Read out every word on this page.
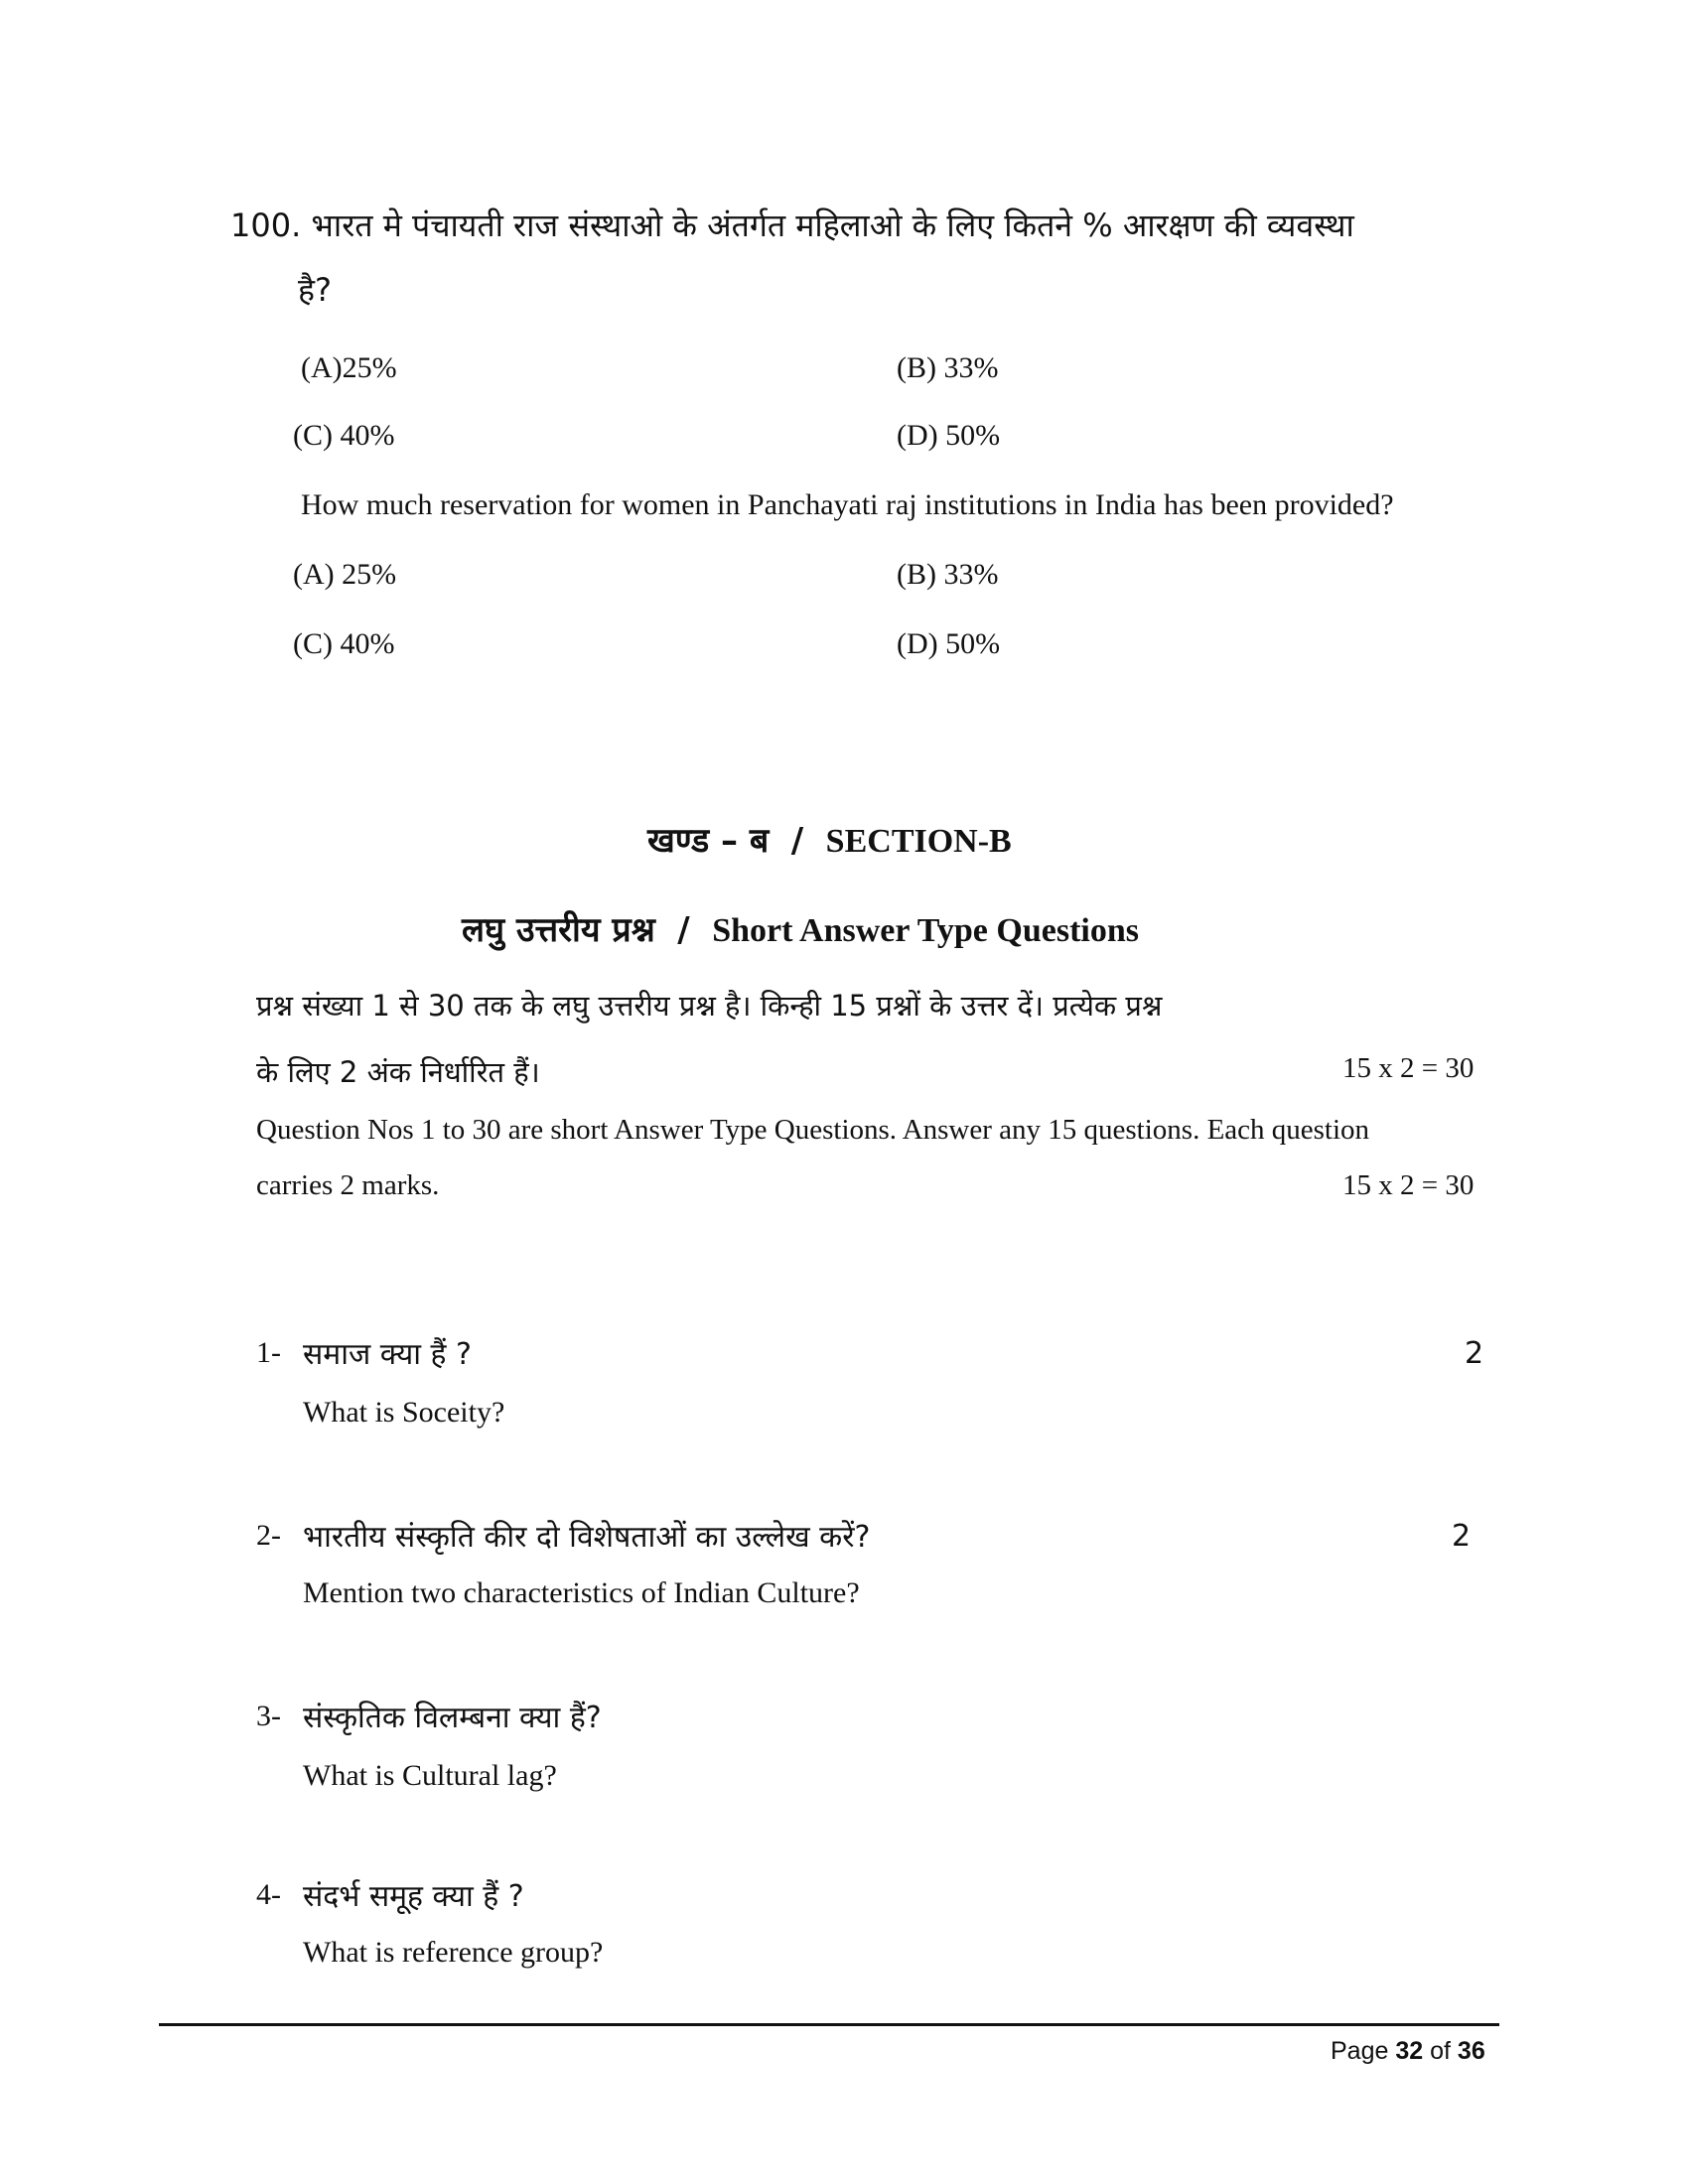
100. भारत मे पंचायती राज संस्थाओ के अंतर्गत महिलाओ के लिए कितने % आरक्षण की व्यवस्था
है?
(A)25%	(B) 33%
(C) 40%	(D) 50%
How much reservation for women in Panchayati raj institutions in India has been provided?
(A) 25%	(B) 33%
(C) 40%	(D) 50%
खण्ड – ब / SECTION-B
लघु उत्तरीय प्रश्न / Short Answer Type Questions
प्रश्न संख्या 1 से 30 तक के लघु उत्तरीय प्रश्न है। किन्ही 15 प्रश्नों के उत्तर दें। प्रत्येक प्रश्न
के लिए 2 अंक निर्धारित हैं।	15 x 2 = 30
Question Nos 1 to 30 are short Answer Type Questions. Answer any 15 questions. Each question
carries 2 marks.	15 x 2 = 30
1- समाज क्या हैं ?	2
What is Soceity?
2- भारतीय संस्कृति कीर दो विशेषताओं का उल्लेख करें?	2
Mention two characteristics of Indian Culture?
3- संस्कृतिक विलम्बना क्या हैं?
What is Cultural lag?
4- संदर्भ समूह क्या हैं ?
What is reference group?
Page 32 of 36
